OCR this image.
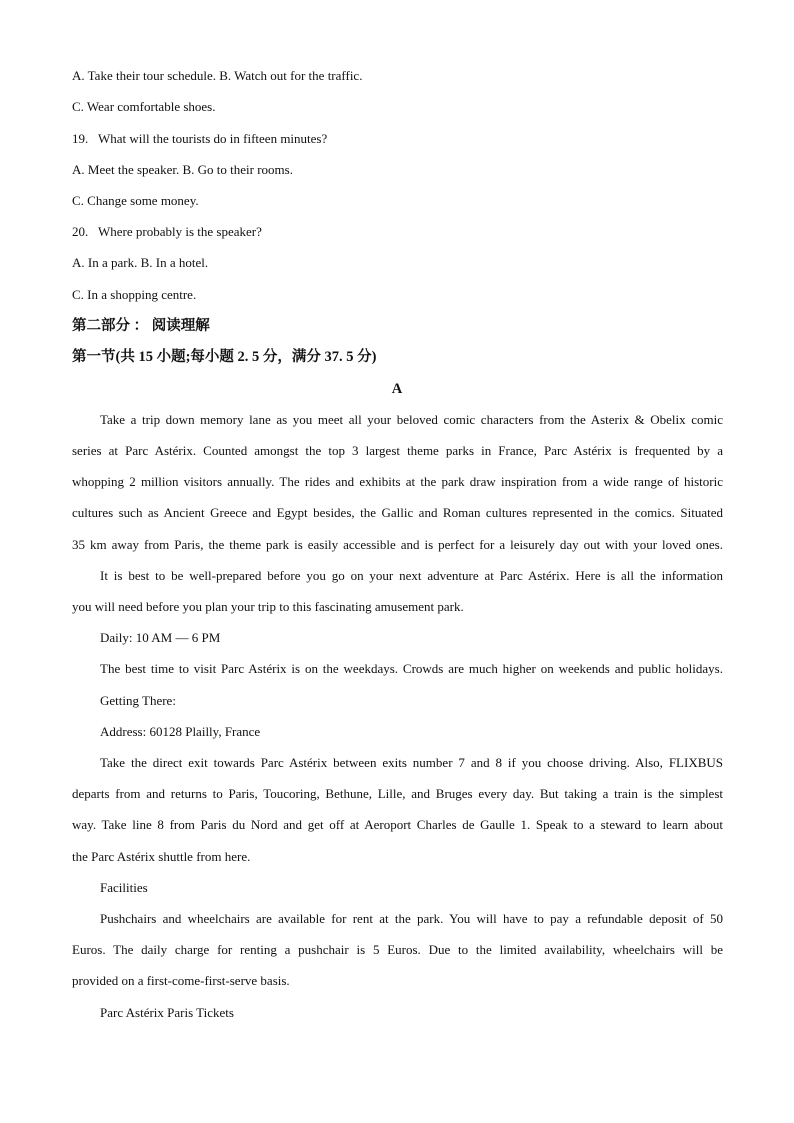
A. Take their tour schedule. B. Watch out for the traffic.
C. Wear comfortable shoes.
19.   What will the tourists do in fifteen minutes?
A. Meet the speaker. B. Go to their rooms.
C. Change some money.
20.   Where probably is the speaker?
A. In a park. B. In a hotel.
C. In a shopping centre.
第二部分 ： 阅读理解
第一节(共 15 小题;每小题 2. 5 分，满分 37. 5 分)
A
Take a trip down memory lane as you meet all your beloved comic characters from the Asterix & Obelix comic
series at Parc Astérix. Counted amongst the top 3 largest theme parks in France, Parc Astérix is frequented by a
whopping 2 million visitors annually. The rides and exhibits at the park draw inspiration from a wide range of historic
cultures such as Ancient Greece and Egypt besides, the Gallic and Roman cultures represented in the comics. Situated
35 km away from Paris, the theme park is easily accessible and is perfect for a leisurely day out with your loved ones.
It is best to be well-prepared before you go on your next adventure at Parc Astérix. Here is all the information
you will need before you plan your trip to this fascinating amusement park.
Daily: 10 AM — 6 PM
The best time to visit Parc Astérix is on the weekdays. Crowds are much higher on weekends and public holidays.
Getting There:
Address: 60128 Plailly, France
Take the direct exit towards Parc Astérix between exits number 7 and 8 if you choose driving. Also, FLIXBUS
departs from and returns to Paris, Toucoring, Bethune, Lille, and Bruges every day. But taking a train is the simplest
way. Take line 8 from Paris du Nord and get off at Aeroport Charles de Gaulle 1. Speak to a steward to learn about
the Parc Astérix shuttle from here.
Facilities
Pushchairs and wheelchairs are available for rent at the park. You will have to pay a refundable deposit of 50
Euros. The daily charge for renting a pushchair is 5 Euros. Due to the limited availability, wheelchairs will be
provided on a first-come-first-serve basis.
Parc Astérix Paris Tickets
